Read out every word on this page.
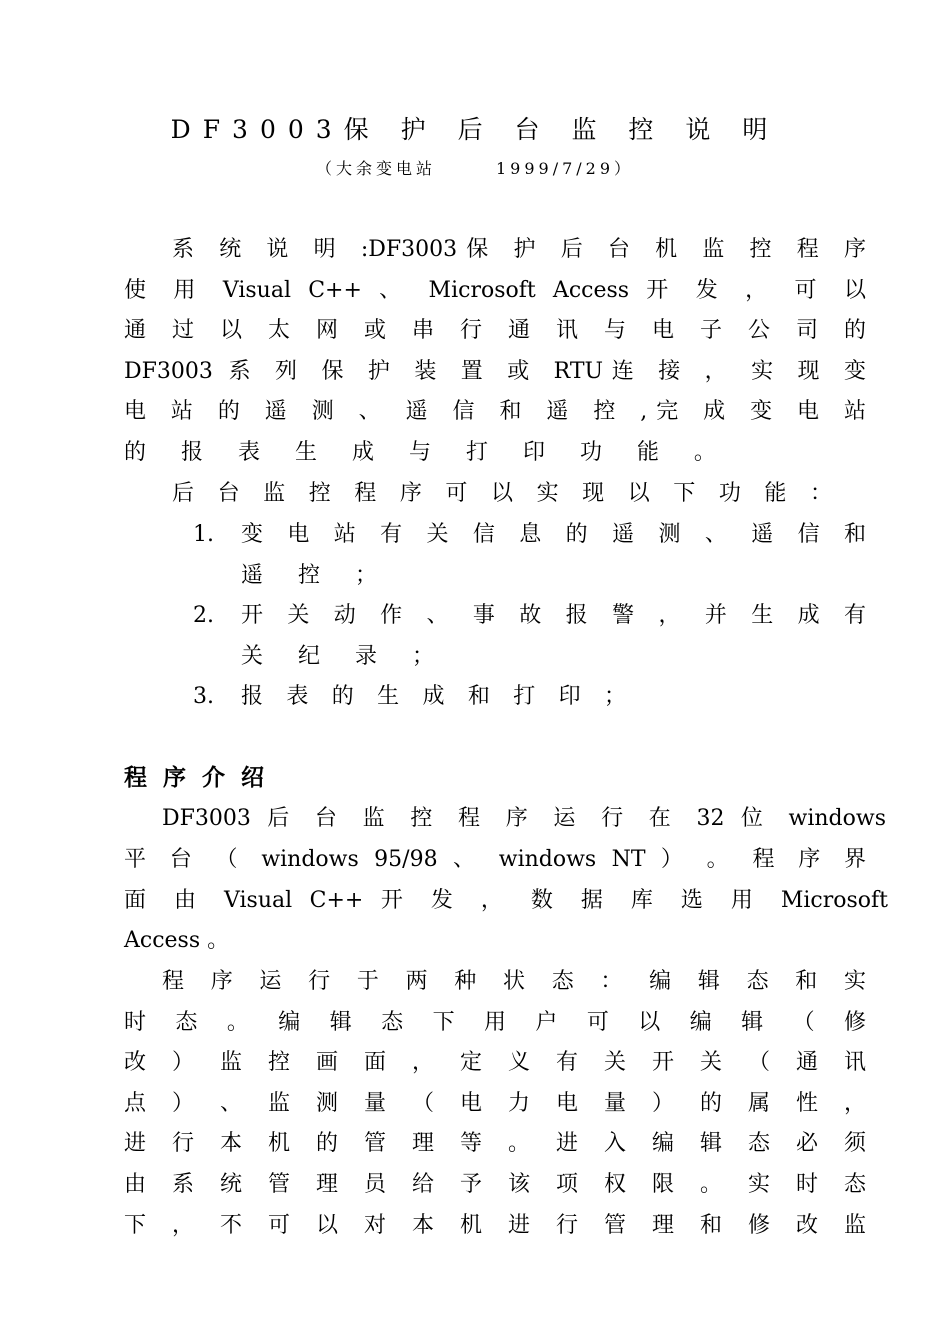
DF3003保 护 后 台 监 控 说 明
（大余变电站　　　1999/7/29）
系 统 说 明 :DF3003保 护 后 台 机 监 控 程 序
使 用 Visual C++ 、 Microsoft Access 开 发 ， 可 以
通 过 以 太 网 或 串 行 通 讯 与 电 子 公 司 的
DF3003 系 列 保 护 装 置 或 RTU连 接 ， 实 现 变
电 站 的 遥 测 、 遥 信 和 遥 控 ,完 成 变 电 站
的 报 表 生 成 与 打 印 功 能 。
后 台 监 控 程 序 可 以 实 现 以 下 功 能 ：
1.	变 电 站 有 关 信 息 的 遥 测 、 遥 信 和
遥 控 ；
2.	开 关 动 作 、 事 故 报 警 ， 并 生 成 有
关 纪 录 ；
3.	报 表 的 生 成 和 打 印 ；
程序介绍
DF3003 后 台 监 控 程 序 运 行 在 32 位 windows
平 台 （ windows 95/98 、 windows NT ） 。 程 序 界
面 由 Visual C++ 开 发 ， 数 据 库 选 用 Microsoft
Access 。
程 序 运 行 于 两 种 状 态 ： 编 辑 态 和 实
时 态 。 编 辑 态 下 用 户 可 以 编 辑 （ 修
改 ） 监 控 画 面 ， 定 义 有 关 开 关 （ 通 讯
点 ） 、 监 测 量 （ 电 力 电 量 ） 的 属 性 ，
进 行 本 机 的 管 理 等 。 进 入 编 辑 态 必 须
由 系 统 管 理 员 给 予 该 项 权 限 。 实 时 态
下 ， 不 可 以 对 本 机 进 行 管 理 和 修 改 监
